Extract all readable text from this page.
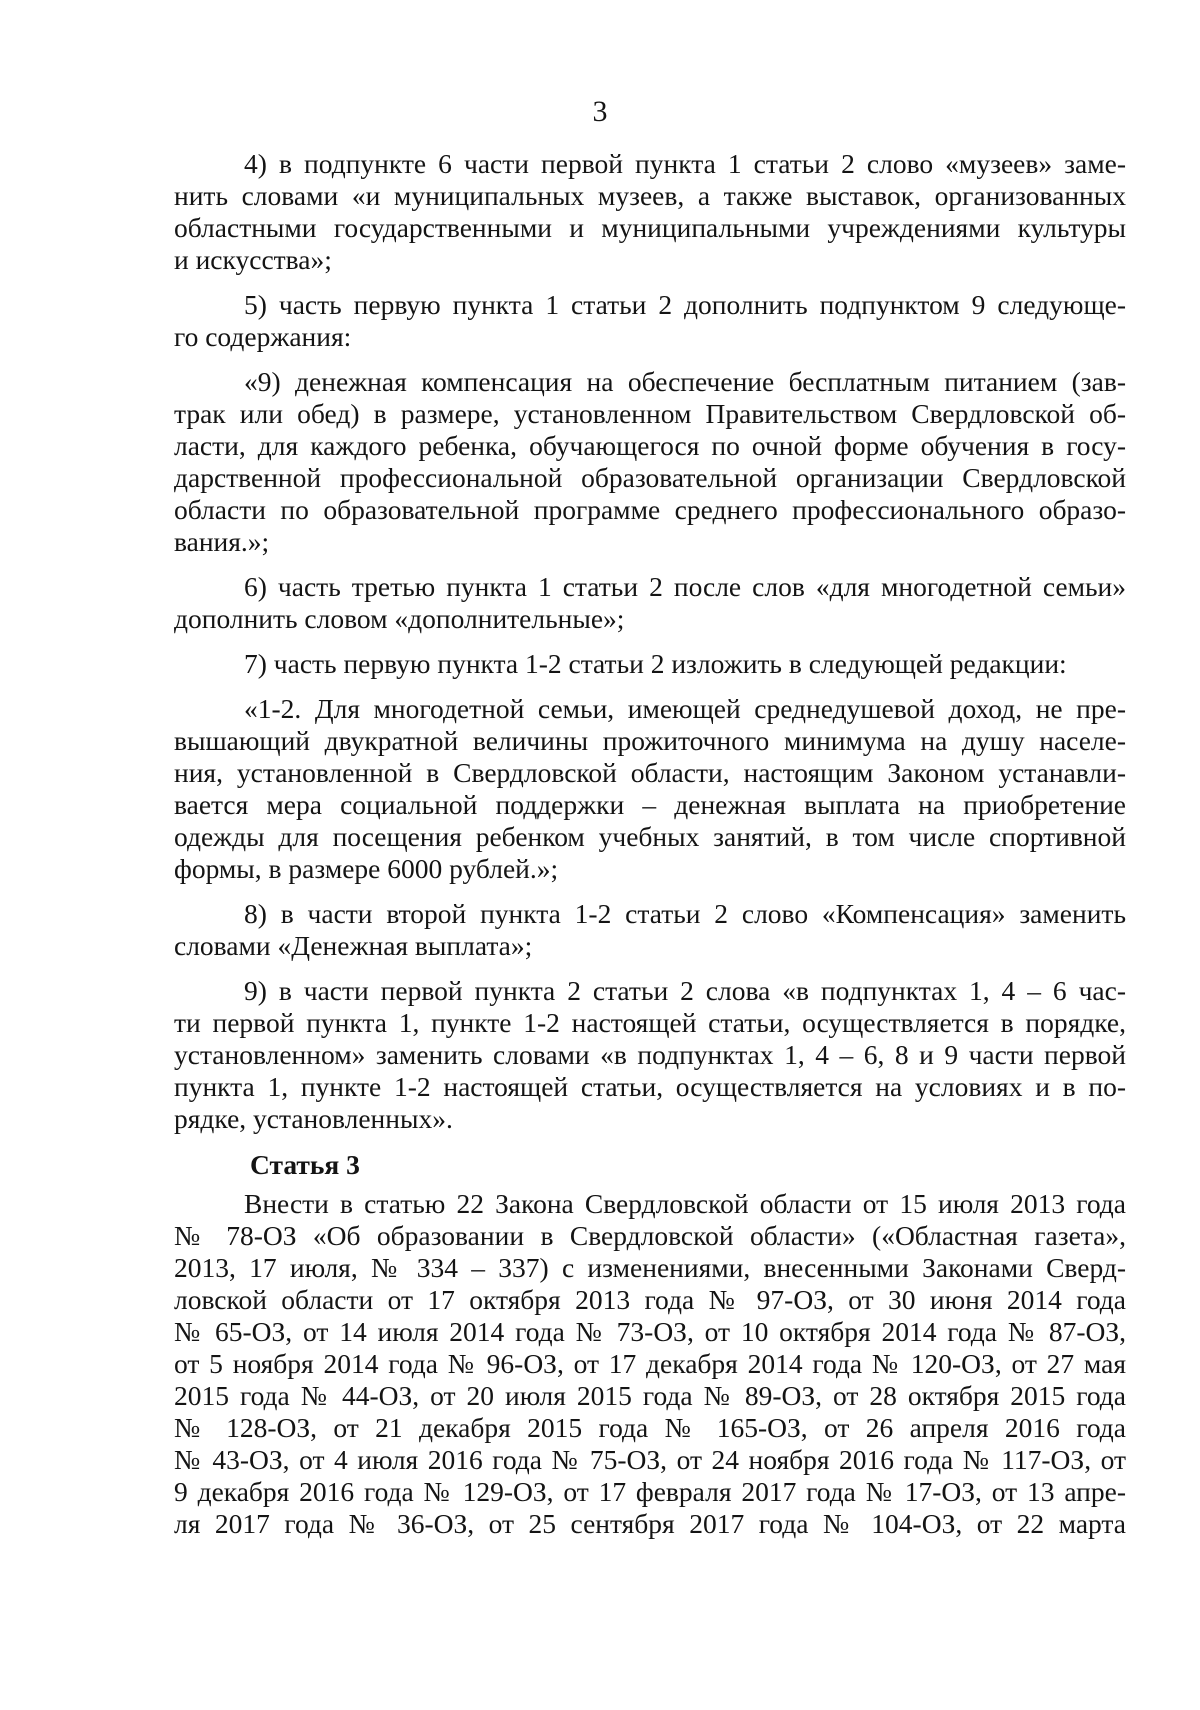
3
4) в подпункте 6 части первой пункта 1 статьи 2 слово «музеев» заме-
нить словами «и муниципальных музеев, а также выставок, организованных
областными государственными и муниципальными учреждениями культуры
и искусства»;
5) часть первую пункта 1 статьи 2 дополнить подпунктом 9 следующе-
го содержания:
«9) денежная компенсация на обеспечение бесплатным питанием (зав-
трак или обед) в размере, установленном Правительством Свердловской об-
ласти, для каждого ребенка, обучающегося по очной форме обучения в госу-
дарственной профессиональной образовательной организации Свердловской
области по образовательной программе среднего профессионального образо-
вания.»;
6) часть третью пункта 1 статьи 2 после слов «для многодетной семьи»
дополнить словом «дополнительные»;
7) часть первую пункта 1-2 статьи 2 изложить в следующей редакции:
«1-2. Для многодетной семьи, имеющей среднедушевой доход, не пре-
вышающий двукратной величины прожиточного минимума на душу населе-
ния, установленной в Свердловской области, настоящим Законом устанавли-
вается мера социальной поддержки – денежная выплата на приобретение
одежды для посещения ребенком учебных занятий, в том числе спортивной
формы, в размере 6000 рублей.»;
8) в части второй пункта 1-2 статьи 2 слово «Компенсация» заменить
словами «Денежная выплата»;
9) в части первой пункта 2 статьи 2 слова «в подпунктах 1, 4 – 6 час-
ти первой пункта 1, пункте 1-2 настоящей статьи, осуществляется в порядке,
установленном» заменить словами «в подпунктах 1, 4 – 6, 8 и 9 части первой
пункта 1, пункте 1-2 настоящей статьи, осуществляется на условиях и в по-
рядке, установленных».
Статья 3
Внести в статью 22 Закона Свердловской области от 15 июля 2013 года
№ 78-ОЗ «Об образовании в Свердловской области» («Областная газета»,
2013, 17 июля, № 334 – 337) с изменениями, внесенными Законами Сверд-
ловской области от 17 октября 2013 года № 97-ОЗ, от 30 июня 2014 года
№ 65-ОЗ, от 14 июля 2014 года № 73-ОЗ, от 10 октября 2014 года № 87-ОЗ,
от 5 ноября 2014 года № 96-ОЗ, от 17 декабря 2014 года № 120-ОЗ, от 27 мая
2015 года № 44-ОЗ, от 20 июля 2015 года № 89-ОЗ, от 28 октября 2015 года
№ 128-ОЗ, от 21 декабря 2015 года № 165-ОЗ, от 26 апреля 2016 года
№ 43-ОЗ, от 4 июля 2016 года № 75-ОЗ, от 24 ноября 2016 года № 117-ОЗ, от
9 декабря 2016 года № 129-ОЗ, от 17 февраля 2017 года № 17-ОЗ, от 13 апре-
ля 2017 года № 36-ОЗ, от 25 сентября 2017 года № 104-ОЗ, от 22 марта
